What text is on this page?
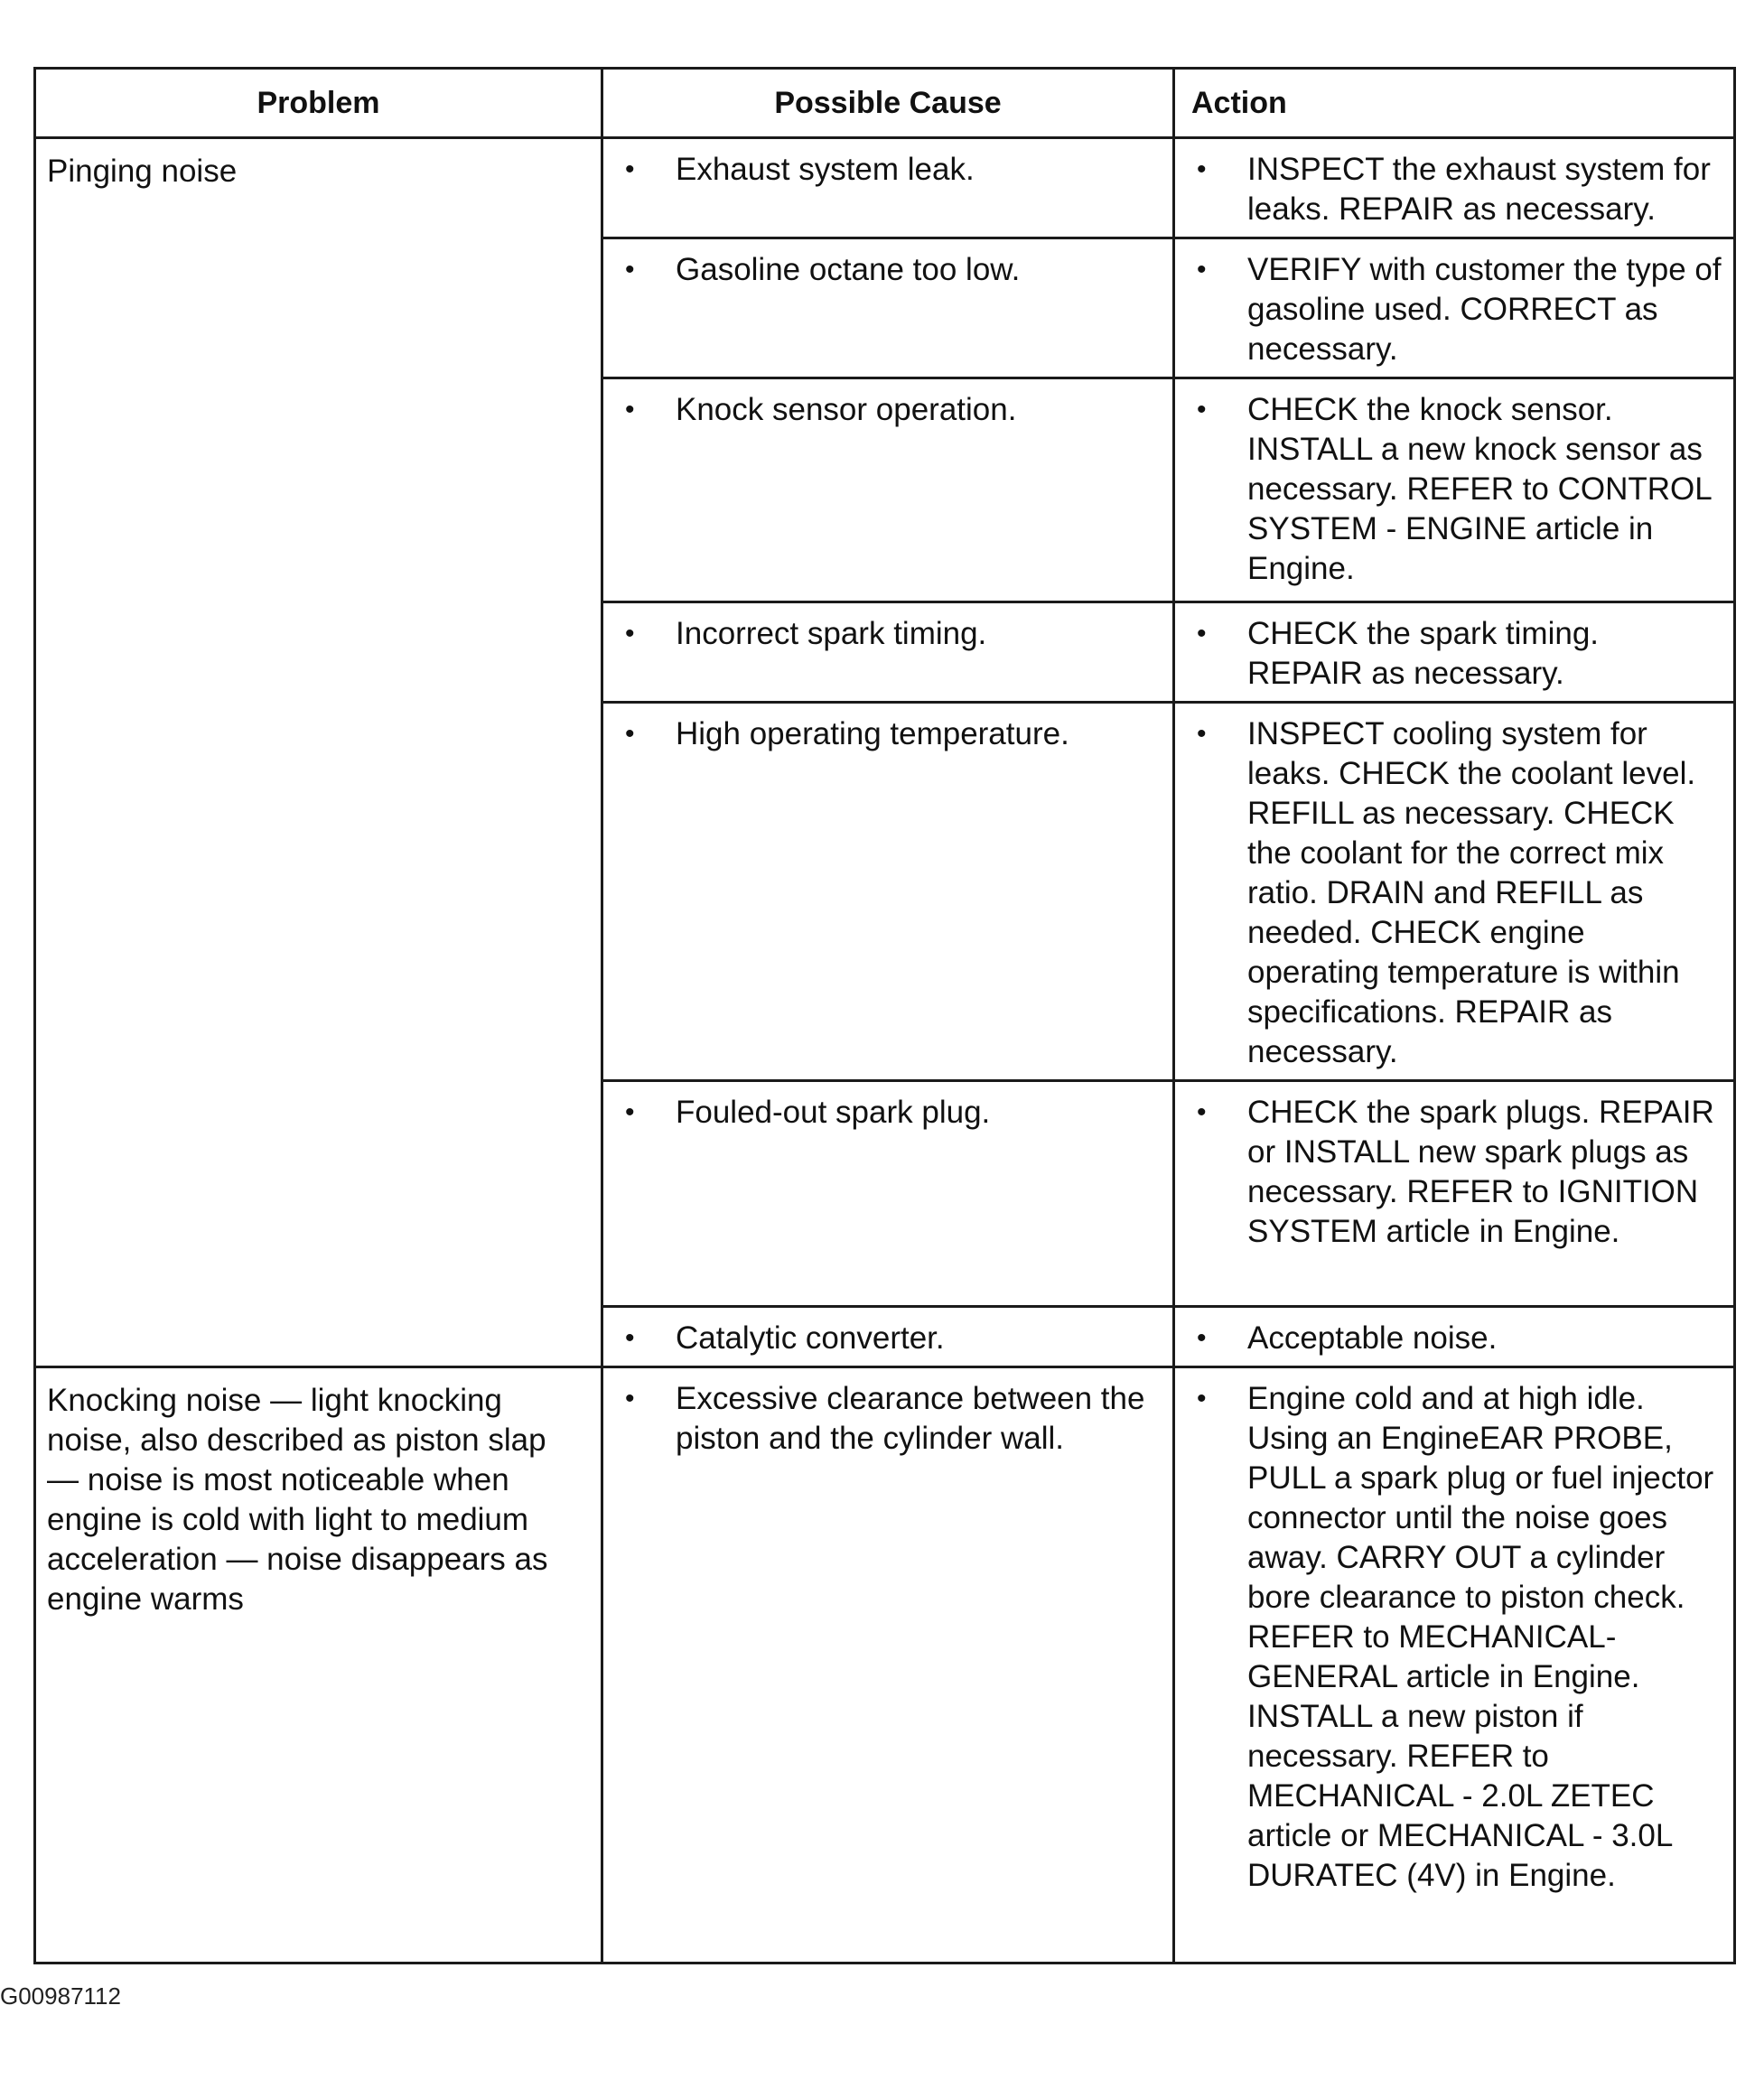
Problem	Possible Cause	Action
Pinging noise	• Exhaust system leak.	• INSPECT the exhaust system for leaks. REPAIR as necessary.

	• Gasoline octane too low.	• VERIFY with customer the type of gasoline used. CORRECT as necessary.

	• Knock sensor operation.	• CHECK the knock sensor. INSTALL a new knock sensor as necessary. REFER to CONTROL SYSTEM - ENGINE article in Engine.

	• Incorrect spark timing.	• CHECK the spark timing. REPAIR as necessary.

	• High operating temperature.	• INSPECT cooling system for leaks. CHECK the coolant level. REFILL as necessary. CHECK the coolant for the correct mix ratio. DRAIN and REFILL as needed. CHECK engine operating temperature is within specifications. REPAIR as necessary.

	• Fouled-out spark plug.	• CHECK the spark plugs. REPAIR or INSTALL new spark plugs as necessary. REFER to IGNITION SYSTEM article in Engine.

	• Catalytic converter.	• Acceptable noise.

Knocking noise — light knocking noise, also described as piston slap — noise is most noticeable when engine is cold with light to medium acceleration — noise disappears as engine warms	• Excessive clearance between the piston and the cylinder wall.	• Engine cold and at high idle. Using an EngineEAR PROBE, PULL a spark plug or fuel injector connector until the noise goes away. CARRY OUT a cylinder bore clearance to piston check. REFER to MECHANICAL-GENERAL article in Engine. INSTALL a new piston if necessary. REFER to MECHANICAL - 2.0L ZETEC article or MECHANICAL - 3.0L DURATEC (4V) in Engine.
G00987112
